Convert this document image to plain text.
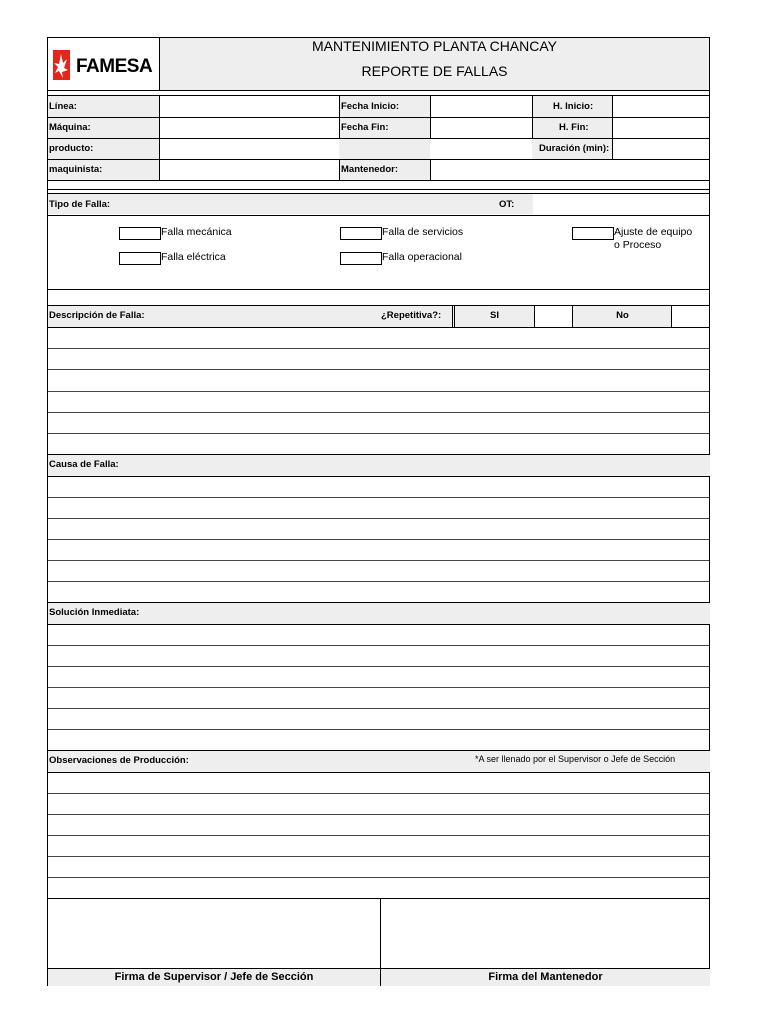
FAMESA
MANTENIMIENTO PLANTA CHANCAY
REPORTE DE FALLAS
Línea:	Fecha Inicio:	H. Inicio:
Máquina:	Fecha Fin:	H. Fin:
producto:	Duración (min):
maquinista:	Mantenedor:
Tipo de Falla:	OT:
Falla mecánica	Falla de servicios	Ajuste de equipo
o Proceso
Falla eléctrica	Falla operacional
Descripción de Falla:	¿Repetitiva?:	SI	No
Causa de Falla:
Solución Inmediata:
Observaciones de Producción:	*A ser llenado por el Supervisor o Jefe de Sección
Firma de Supervisor / Jefe de Sección	Firma del Mantenedor
